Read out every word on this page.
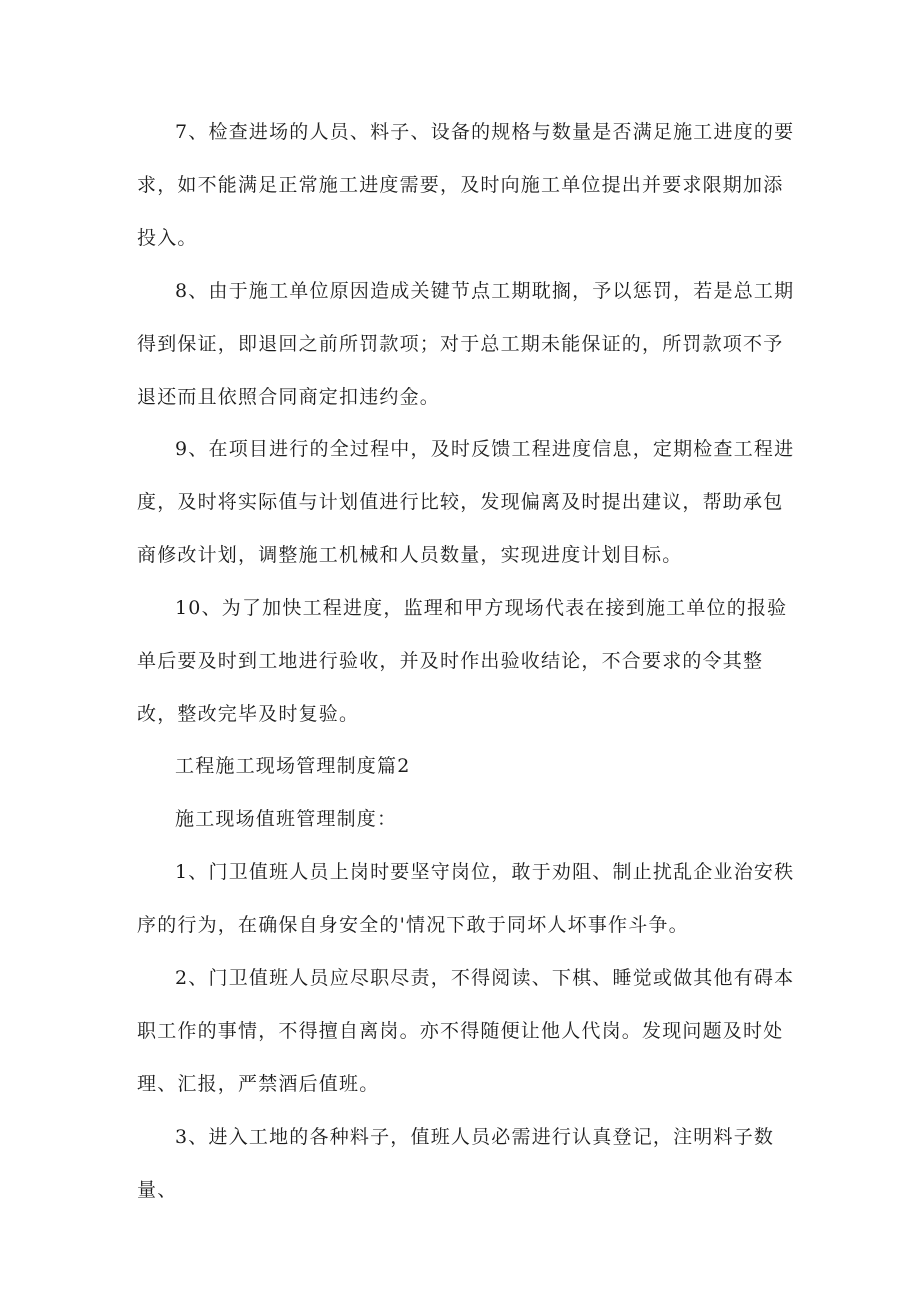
7、检查进场的人员、料子、设备的规格与数量是否满足施工进度的要求，如不能满足正常施工进度需要，及时向施工单位提出并要求限期加添投入。

8、由于施工单位原因造成关键节点工期耽搁，予以惩罚，若是总工期得到保证，即退回之前所罚款项；对于总工期未能保证的，所罚款项不予退还而且依照合同商定扣违约金。

9、在项目进行的全过程中，及时反馈工程进度信息，定期检查工程进度，及时将实际值与计划值进行比较，发现偏离及时提出建议，帮助承包商修改计划，调整施工机械和人员数量，实现进度计划目标。

10、为了加快工程进度，监理和甲方现场代表在接到施工单位的报验单后要及时到工地进行验收，并及时作出验收结论，不合要求的令其整改，整改完毕及时复验。

工程施工现场管理制度篇2

施工现场值班管理制度：

1、门卫值班人员上岗时要坚守岗位，敢于劝阻、制止扰乱企业治安秩序的行为，在确保自身安全的'情况下敢于同坏人坏事作斗争。

2、门卫值班人员应尽职尽责，不得阅读、下棋、睡觉或做其他有碍本职工作的事情，不得擅自离岗。亦不得随便让他人代岗。发现问题及时处理、汇报，严禁酒后值班。

3、进入工地的各种料子，值班人员必需进行认真登记，注明料子数量、
